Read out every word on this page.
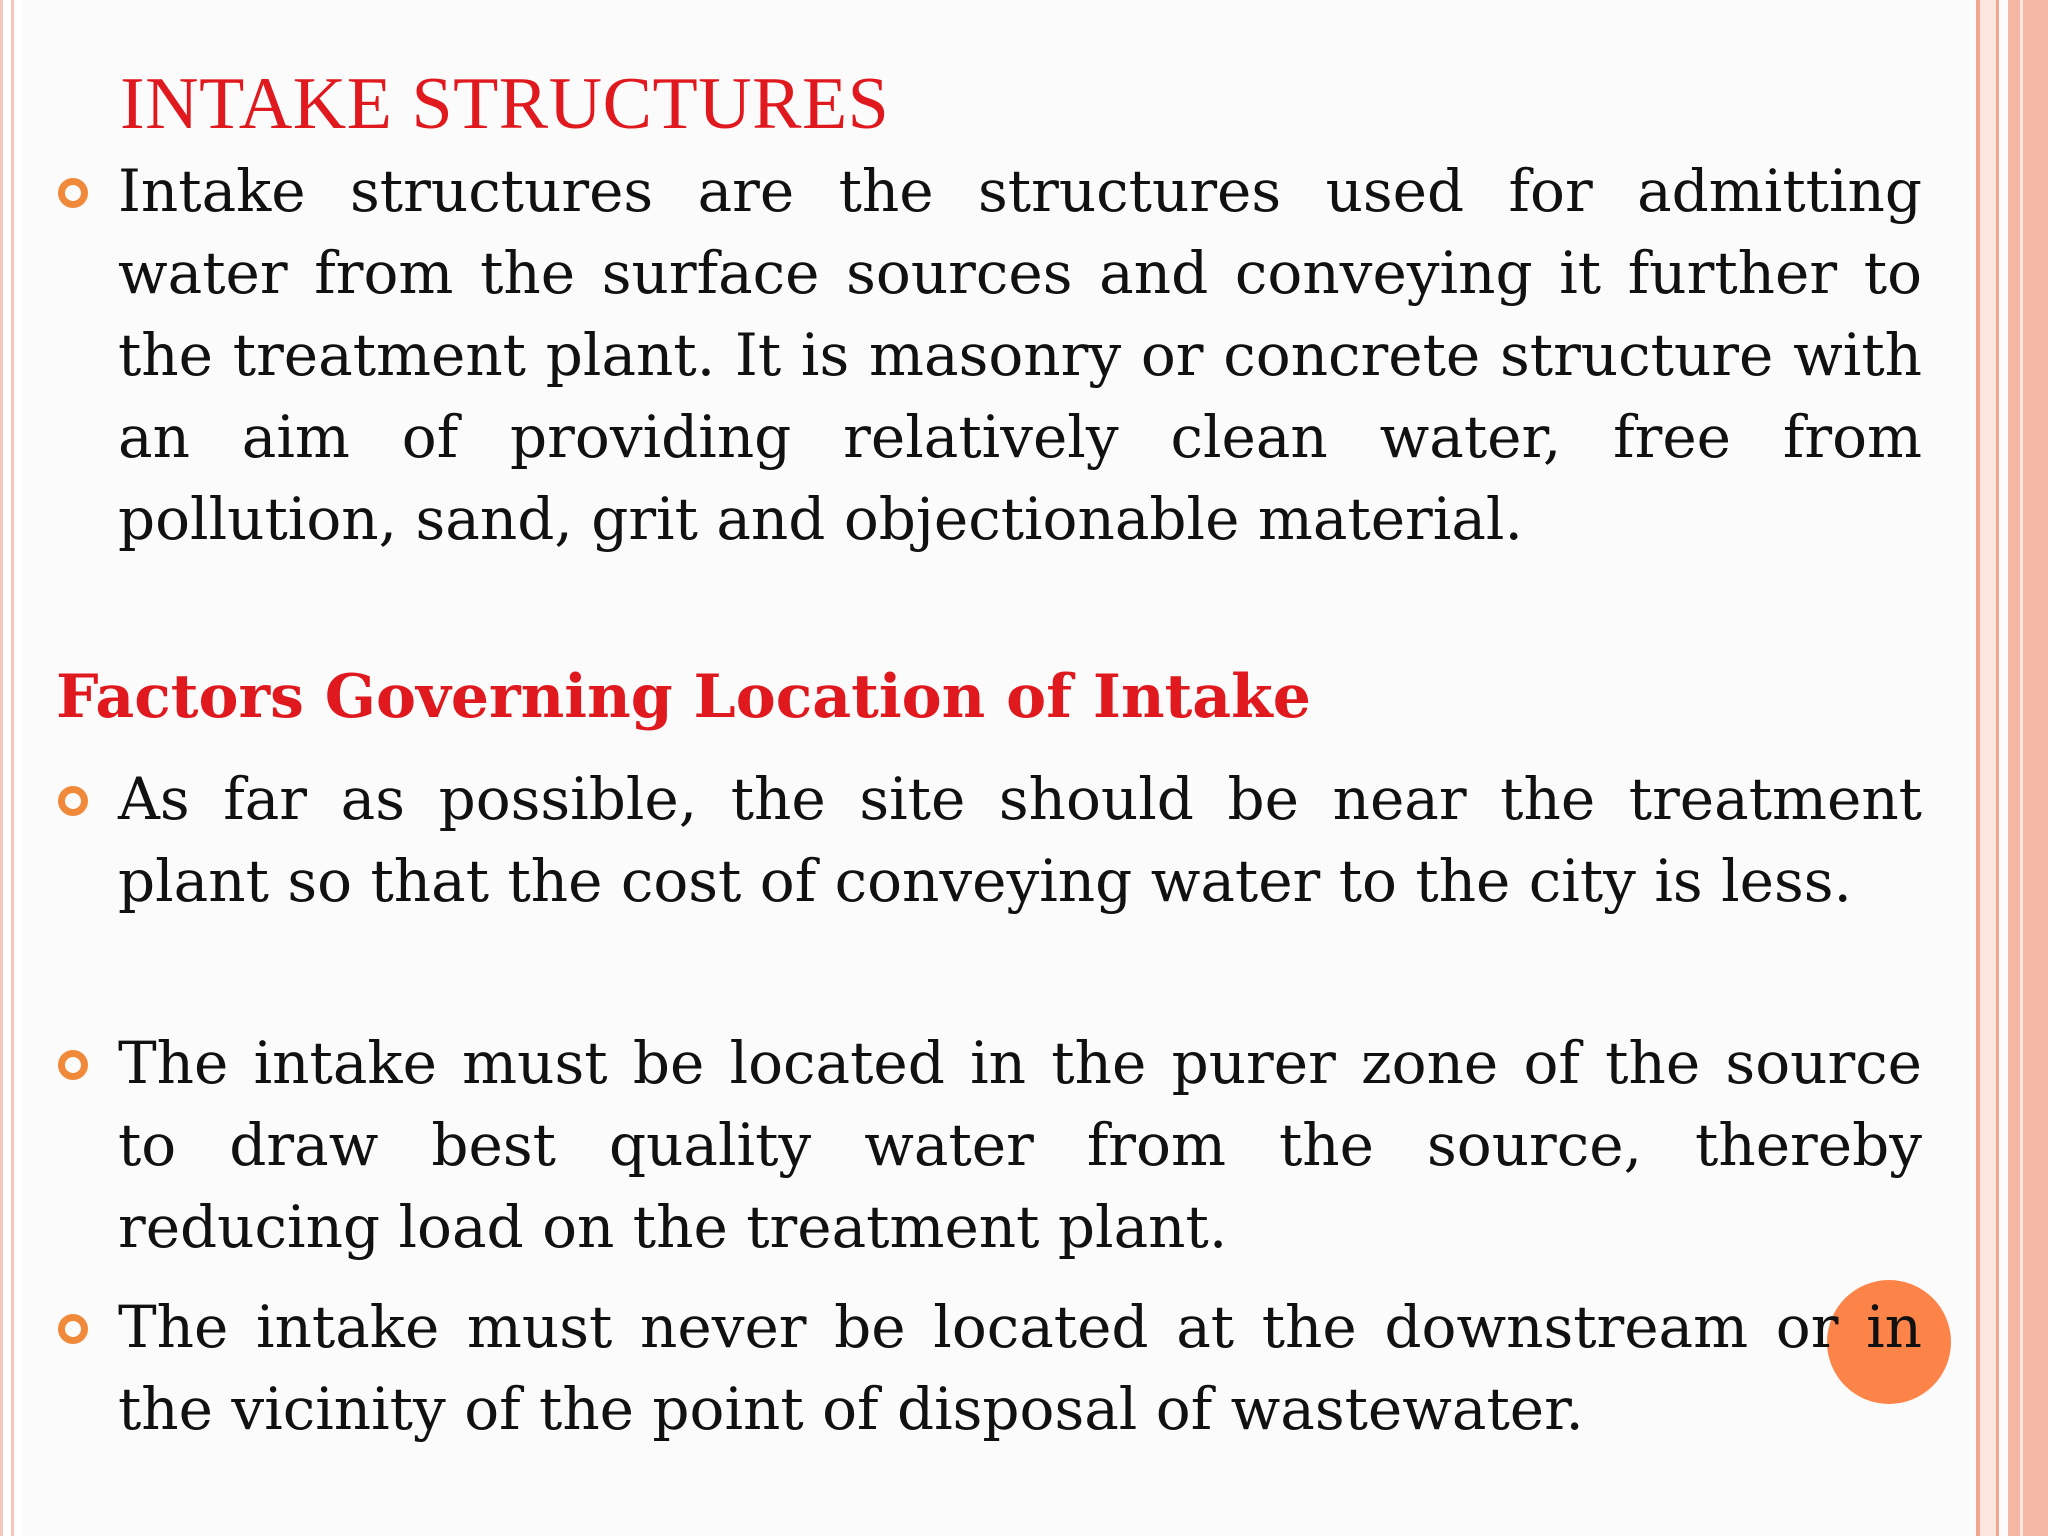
INTAKE STRUCTURES

Intake structures are the structures used for admitting water from the surface sources and conveying it further to the treatment plant. It is masonry or concrete structure with an aim of providing relatively clean water, free from pollution, sand, grit and objectionable material.

Factors Governing Location of Intake

As far as possible, the site should be near the treatment plant so that the cost of conveying water to the city is less.

The intake must be located in the purer zone of the source to draw best quality water from the source, thereby reducing load on the treatment plant.

The intake must never be located at the downstream or in the vicinity of the point of disposal of wastewater.
